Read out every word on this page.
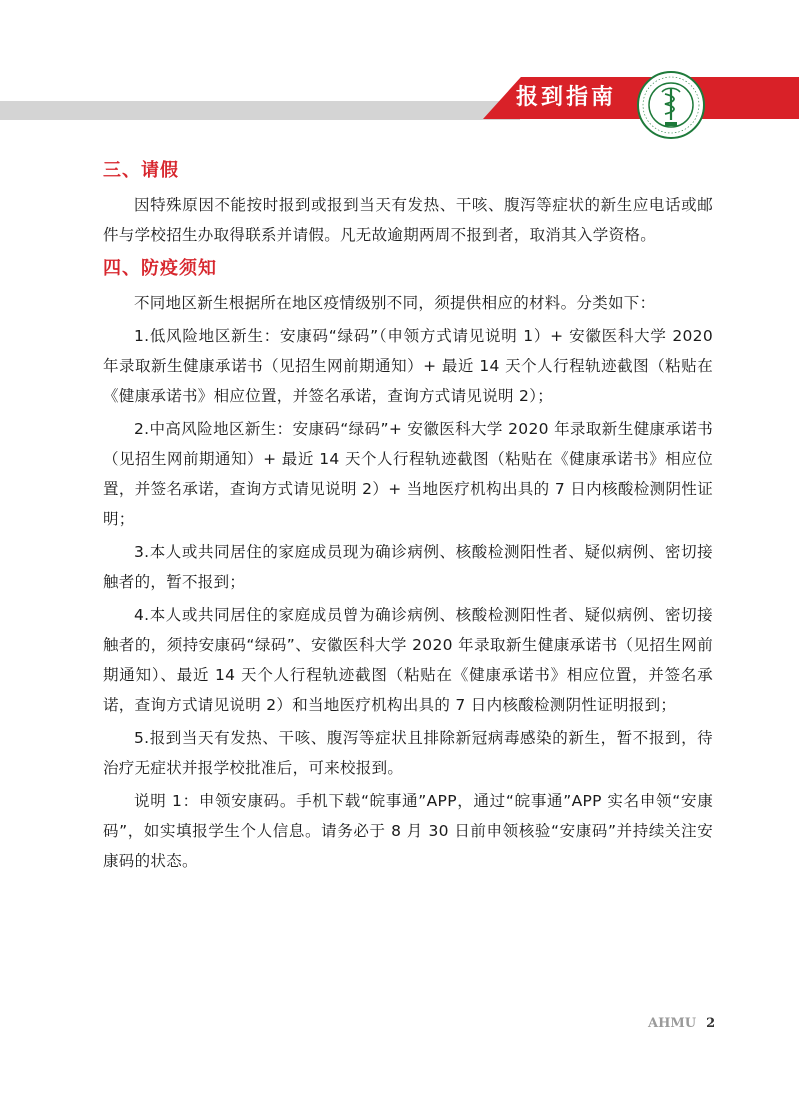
报到指南
三、请假

因特殊原因不能按时报到或报到当天有发热、干咳、腹泻等症状的新生应电话或邮件与学校招生办取得联系并请假。凡无故逾期两周不报到者，取消其入学资格。

四、防疫须知

不同地区新生根据所在地区疫情级别不同，须提供相应的材料。分类如下：

1.低风险地区新生：安康码“绿码”（申领方式请见说明 1）+ 安徽医科大学 2020 年录取新生健康承诺书（见招生网前期通知）+ 最近 14 天个人行程轨迹截图（粘贴在《健康承诺书》相应位置，并签名承诺，查询方式请见说明 2）；

2.中高风险地区新生：安康码“绿码”+ 安徽医科大学 2020 年录取新生健康承诺书（见招生网前期通知）+ 最近 14 天个人行程轨迹截图（粘贴在《健康承诺书》相应位置，并签名承诺，查询方式请见说明 2）+ 当地医疗机构出具的 7 日内核酸检测阴性证明；

3.本人或共同居住的家庭成员现为确诊病例、核酸检测阳性者、疑似病例、密切接触者的，暂不报到；

4.本人或共同居住的家庭成员曾为确诊病例、核酸检测阳性者、疑似病例、密切接触者的，须持安康码“绿码”、安徽医科大学 2020 年录取新生健康承诺书（见招生网前期通知）、最近 14 天个人行程轨迹截图（粘贴在《健康承诺书》相应位置，并签名承诺，查询方式请见说明 2）和当地医疗机构出具的 7 日内核酸检测阴性证明报到；

5.报到当天有发热、干咳、腹泻等症状且排除新冠病毒感染的新生，暂不报到，待治疗无症状并报学校批准后，可来校报到。

说明 1：申领安康码。手机下载“皖事通”APP，通过“皖事通”APP 实名申领“安康码”，如实填报学生个人信息。请务必于 8 月 30 日前申领核验“安康码”并持续关注安康码的状态。

AHMU 2
